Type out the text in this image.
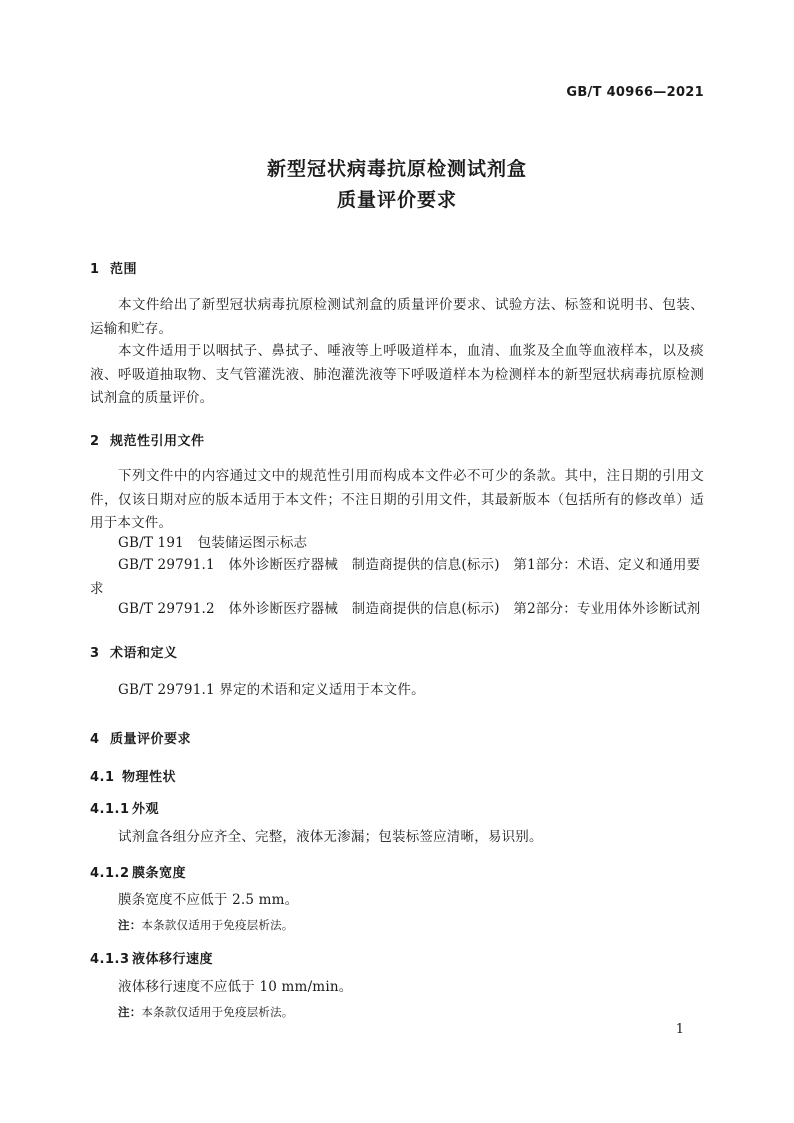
GB/T 40966—2021
新型冠状病毒抗原检测试剂盒
质量评价要求
1 范围
本文件给出了新型冠状病毒抗原检测试剂盒的质量评价要求、试验方法、标签和说明书、包装、运输和贮存。
本文件适用于以咽拭子、鼻拭子、唾液等上呼吸道样本，血清、血浆及全血等血液样本，以及痰液、呼吸道抽取物、支气管灌洗液、肺泡灌洗液等下呼吸道样本为检测样本的新型冠状病毒抗原检测试剂盒的质量评价。
2 规范性引用文件
下列文件中的内容通过文中的规范性引用而构成本文件必不可少的条款。其中，注日期的引用文件，仅该日期对应的版本适用于本文件；不注日期的引用文件，其最新版本（包括所有的修改单）适用于本文件。
GB/T 191　包装储运图示标志
GB/T 29791.1　体外诊断医疗器械　制造商提供的信息(标示)　第1部分：术语、定义和通用要求
GB/T 29791.2　体外诊断医疗器械　制造商提供的信息(标示)　第2部分：专业用体外诊断试剂
3 术语和定义
GB/T 29791.1 界定的术语和定义适用于本文件。
4 质量评价要求
4.1 物理性状
4.1.1 外观
试剂盒各组分应齐全、完整，液体无渗漏；包装标签应清晰，易识别。
4.1.2 膜条宽度
膜条宽度不应低于 2.5 mm。
注：本条款仅适用于免疫层析法。
4.1.3 液体移行速度
液体移行速度不应低于 10 mm/min。
注：本条款仅适用于免疫层析法。
1
